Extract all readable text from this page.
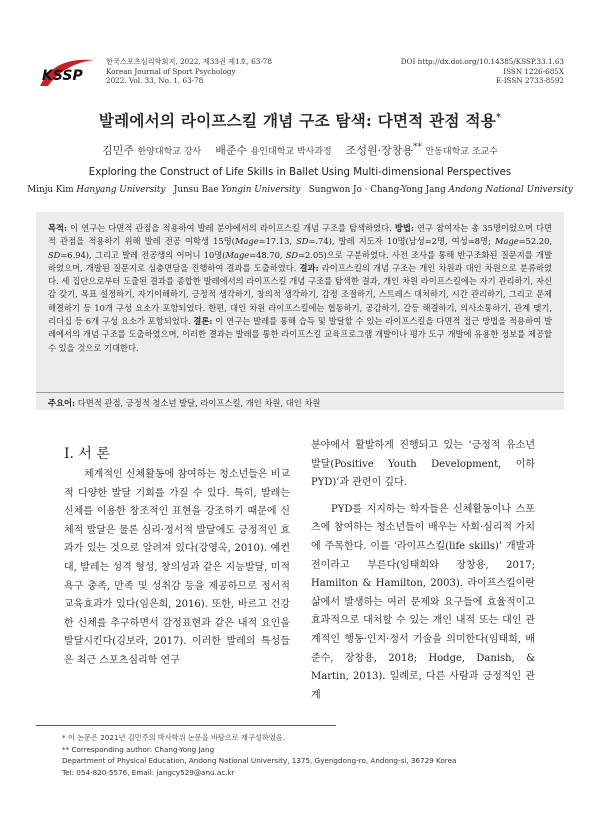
KSSP
한국스포츠심리학회지, 2022, 제33권 제1호, 63-78
Korean Journal of Sport Psychology
2022. Vol. 33, No. 1, 63-78
DOI http://dx.doi.org/10.14385/KSSP.33.1.63
ISSN 1226-685X
E-ISSN 2733-8592
발레에서의 라이프스킬 개념 구조 탐색: 다면적 관점 적용*
김민주 한양대학교 강사 배준수 용인대학교 박사과정 조성원·장창용** 안동대학교 조교수
Exploring the Construct of Life Skills in Ballet Using Multi-dimensional Perspectives
Minju Kim Hanyang University Junsu Bae Yongin University Sungwon Jo · Chang-Yong Jang Andong National University
목적: 이 연구는 다면적 관점을 적용하여 발레 분야에서의 라이프스킬 개념 구조를 탐색하였다. 방법: 연구 참여자는 총 35명이었으며 다면적 관점을 적용하기 위해 발레 전공 여학생 15명(Mage=17.13, SD=.74), 발레 지도자 10명(남성=2명, 여성=8명; Mage=52.20, SD=6.94), 그리고 발레 전공생의 어머니 10명(Mage=48.70, SD=2.05)으로 구분하였다. 사전 조사를 통해 반구조화된 질문지를 개발하였으며, 개발된 질문지로 심층면담을 진행하여 결과를 도출하였다. 결과: 라이프스킬의 개념 구조는 개인 차원과 대인 차원으로 분류하였다. 세 집단으로부터 도출된 결과를 종합한 발레에서의 라이프스킬 개념 구조를 탐색한 결과, 개인 차원 라이프스킬에는 자기 관리하기, 자신감 갖기, 목표 설정하기, 자기이해하기, 긍정적 생각하기, 창의적 생각하기, 감정 조절하기, 스트레스 대처하기, 시간 관리하기, 그리고 문제 해결하기 등 10개 구성 요소가 포함되었다. 한편, 대인 차원 라이프스킬에는 협동하기, 공감하기, 갈등 해결하기, 의사소통하기, 관계 맺기, 리더십 등 6개 구성 요소가 포함되었다. 결론: 이 연구는 발레를 통해 습득 및 발달할 수 있는 라이프스킬을 다면적 접근 방법을 적용하여 발레에서의 개념 구조를 도출하였으며, 이러한 결과는 발레를 통한 라이프스킬 교육프로그램 개발이나 평가 도구 개발에 유용한 정보를 제공할 수 있을 것으로 기대한다.
주요어: 다면적 관점, 긍정적 청소년 발달, 라이프스킬, 개인 차원, 대인 차원
I. 서 론
체계적인 신체활동에 참여하는 청소년들은 비교적 다양한 발달 기회를 가질 수 있다. 특히, 발레는 신체를 이용한 창조적인 표현을 강조하기 때문에 신체적 발달은 물론 심리·정서적 발달에도 긍정적인 효과가 있는 것으로 알려져 있다(강영옥, 2010). 예컨대, 발레는 성격 형성, 창의성과 같은 지능발달, 미적 욕구 충족, 만족 및 성취감 등을 제공하므로 정서적 교육효과가 있다(임은희, 2016). 또한, 바르고 건강한 신체를 추구하면서 감정표현과 같은 내적 요인을 발달시킨다(김보라, 2017). 이러한 발레의 특성들은 최근 스포츠심리학 연구
분야에서 활발하게 진행되고 있는 ‘긍정적 유소년 발달(Positive Youth Development, 이하 PYD)’과 관련이 깊다.
PYD를 지지하는 학자들은 신체활동이나 스포츠에 참여하는 청소년들이 배우는 사회·심리적 가치에 주목한다. 이를 ‘라이프스킬(life skills)’ 개발과 전이라고 부른다(임태희와 장창용, 2017; Hamilton & Hamilton, 2003). 라이프스킬이란 삶에서 발생하는 여러 문제와 요구들에 효율적이고 효과적으로 대처할 수 있는 개인 내적 또는 대인 관계적인 행동·인지·정서 기술을 의미한다(임태희, 배준수, 장창용, 2018; Hodge, Danish, & Martin, 2013). 일례로, 다른 사람과 긍정적인 관계
* 이 논문은 2021년 김민주의 박사학위 논문을 바탕으로 재구성하였음.
** Corresponding author: Chang-Yong Jang
Department of Physical Education, Andong National University, 1375, Gyengdong-ro, Andong-si, 36729 Korea
Tel: 054-820-5576, Email: jangcy529@anu.ac.kr
